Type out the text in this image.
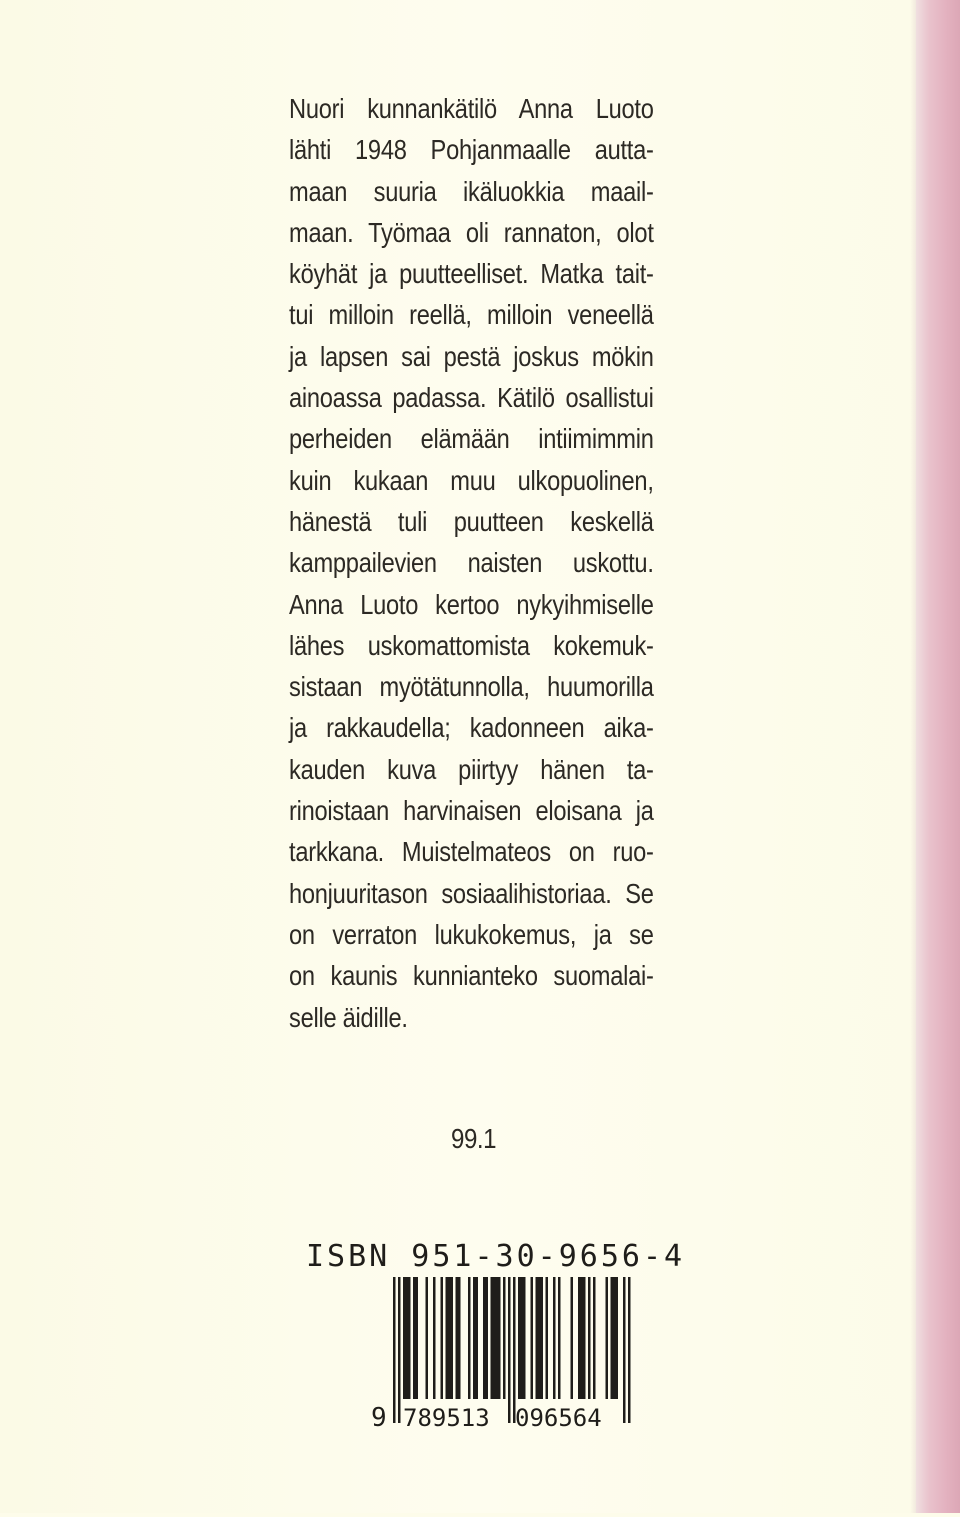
Nuori kunnankätilö Anna Luoto
lähti 1948 Pohjanmaalle autta-
maan suuria ikäluokkia maail-
maan. Työmaa oli rannaton, olot
köyhät ja puutteelliset. Matka tait-
tui milloin reellä, milloin veneellä
ja lapsen sai pestä joskus mökin
ainoassa padassa. Kätilö osallistui
perheiden elämään intiimimmin
kuin kukaan muu ulkopuolinen,
hänestä tuli puutteen keskellä
kamppailevien naisten uskottu.
Anna Luoto kertoo nykyihmiselle
lähes uskomattomista kokemuk-
sistaan myötätunnolla, huumorilla
ja rakkaudella; kadonneen aika-
kauden kuva piirtyy hänen ta-
rinoistaan harvinaisen eloisana ja
tarkkana. Muistelmateos on ruo-
honjuuritason sosiaalihistoriaa. Se
on verraton lukukokemus, ja se
on kaunis kunnianteko suomalai-
selle äidille.
99.1
ISBN 951-30-9656-4
9 789513 096564
